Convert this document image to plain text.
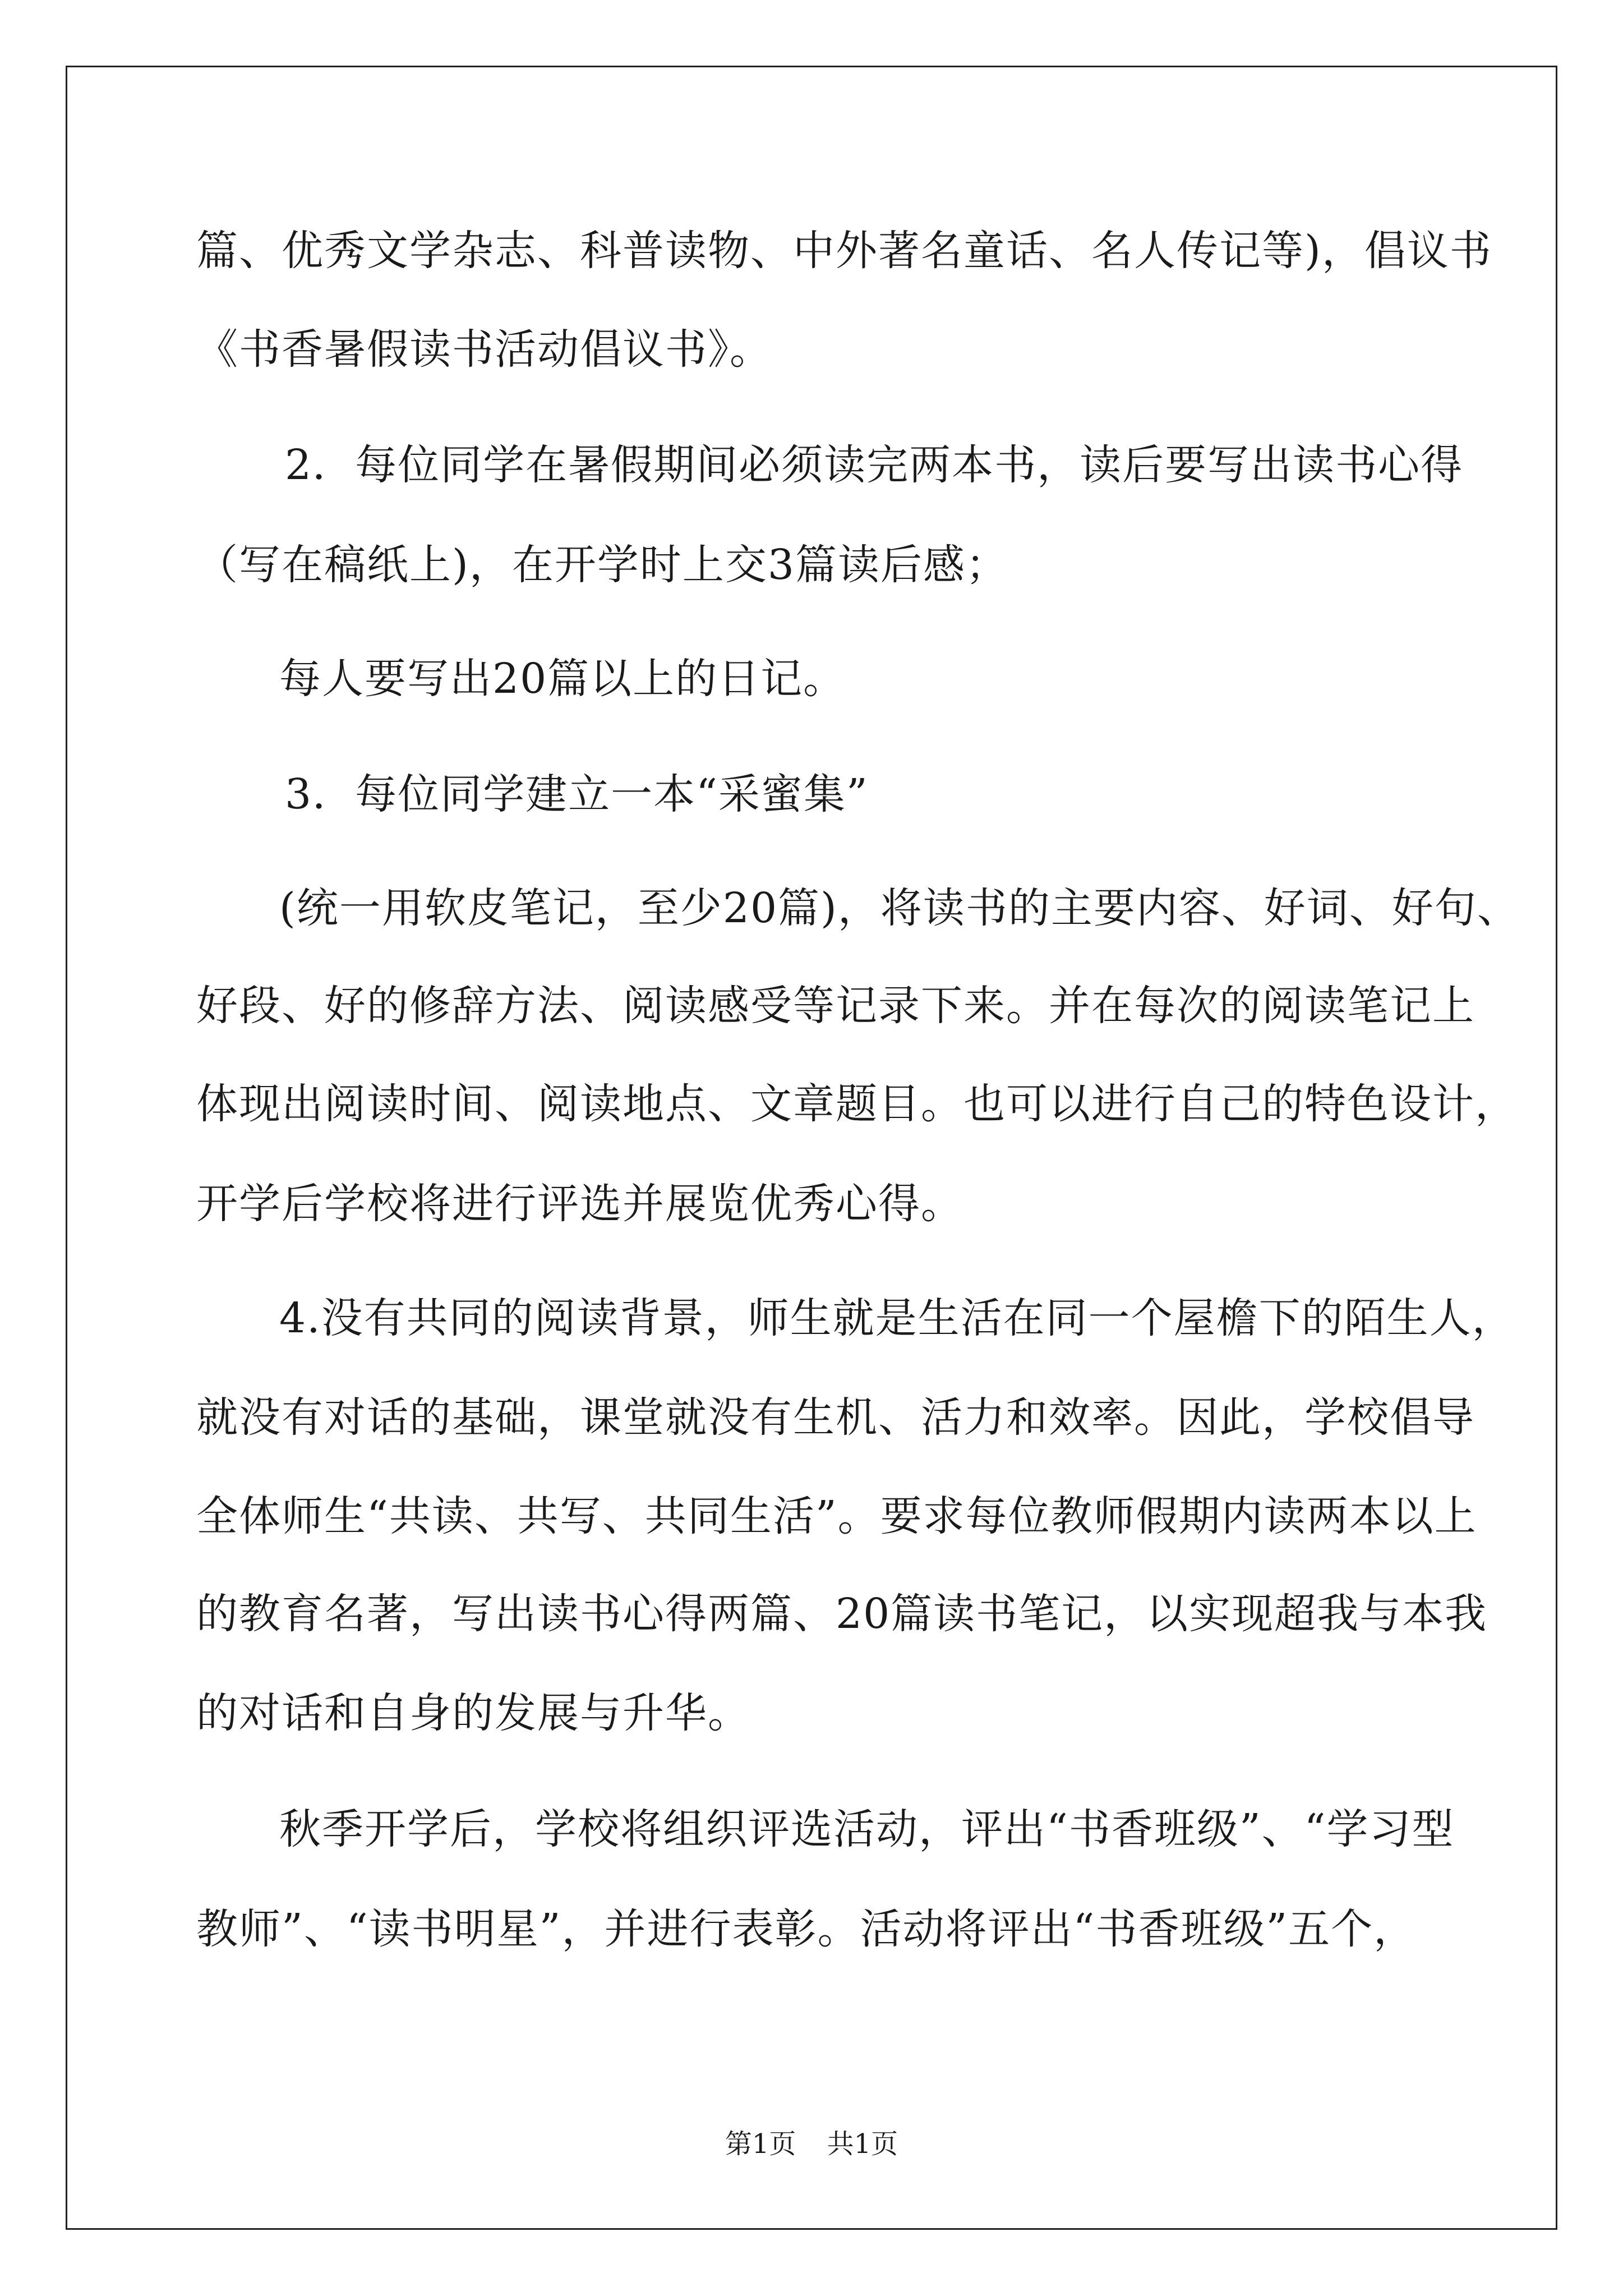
篇、优秀文学杂志、科普读物、中外著名童话、名人传记等)，倡议书
《书香暑假读书活动倡议书》。
2．每位同学在暑假期间必须读完两本书，读后要写出读书心得
（写在稿纸上)，在开学时上交3篇读后感；
每人要写出20篇以上的日记。
3．每位同学建立一本“采蜜集”
(统一用软皮笔记，至少20篇)，将读书的主要内容、好词、好句、
好段、好的修辞方法、阅读感受等记录下来。并在每次的阅读笔记上
体现出阅读时间、阅读地点、文章题目。也可以进行自己的特色设计，
开学后学校将进行评选并展览优秀心得。
4.没有共同的阅读背景，师生就是生活在同一个屋檐下的陌生人，
就没有对话的基础，课堂就没有生机、活力和效率。因此，学校倡导
全体师生“共读、共写、共同生活”。要求每位教师假期内读两本以上
的教育名著，写出读书心得两篇、20篇读书笔记，以实现超我与本我
的对话和自身的发展与升华。
秋季开学后，学校将组织评选活动，评出“书香班级”、“学习型
教师”、“读书明星”，并进行表彰。活动将评出“书香班级”五个，
第1页 共1页
